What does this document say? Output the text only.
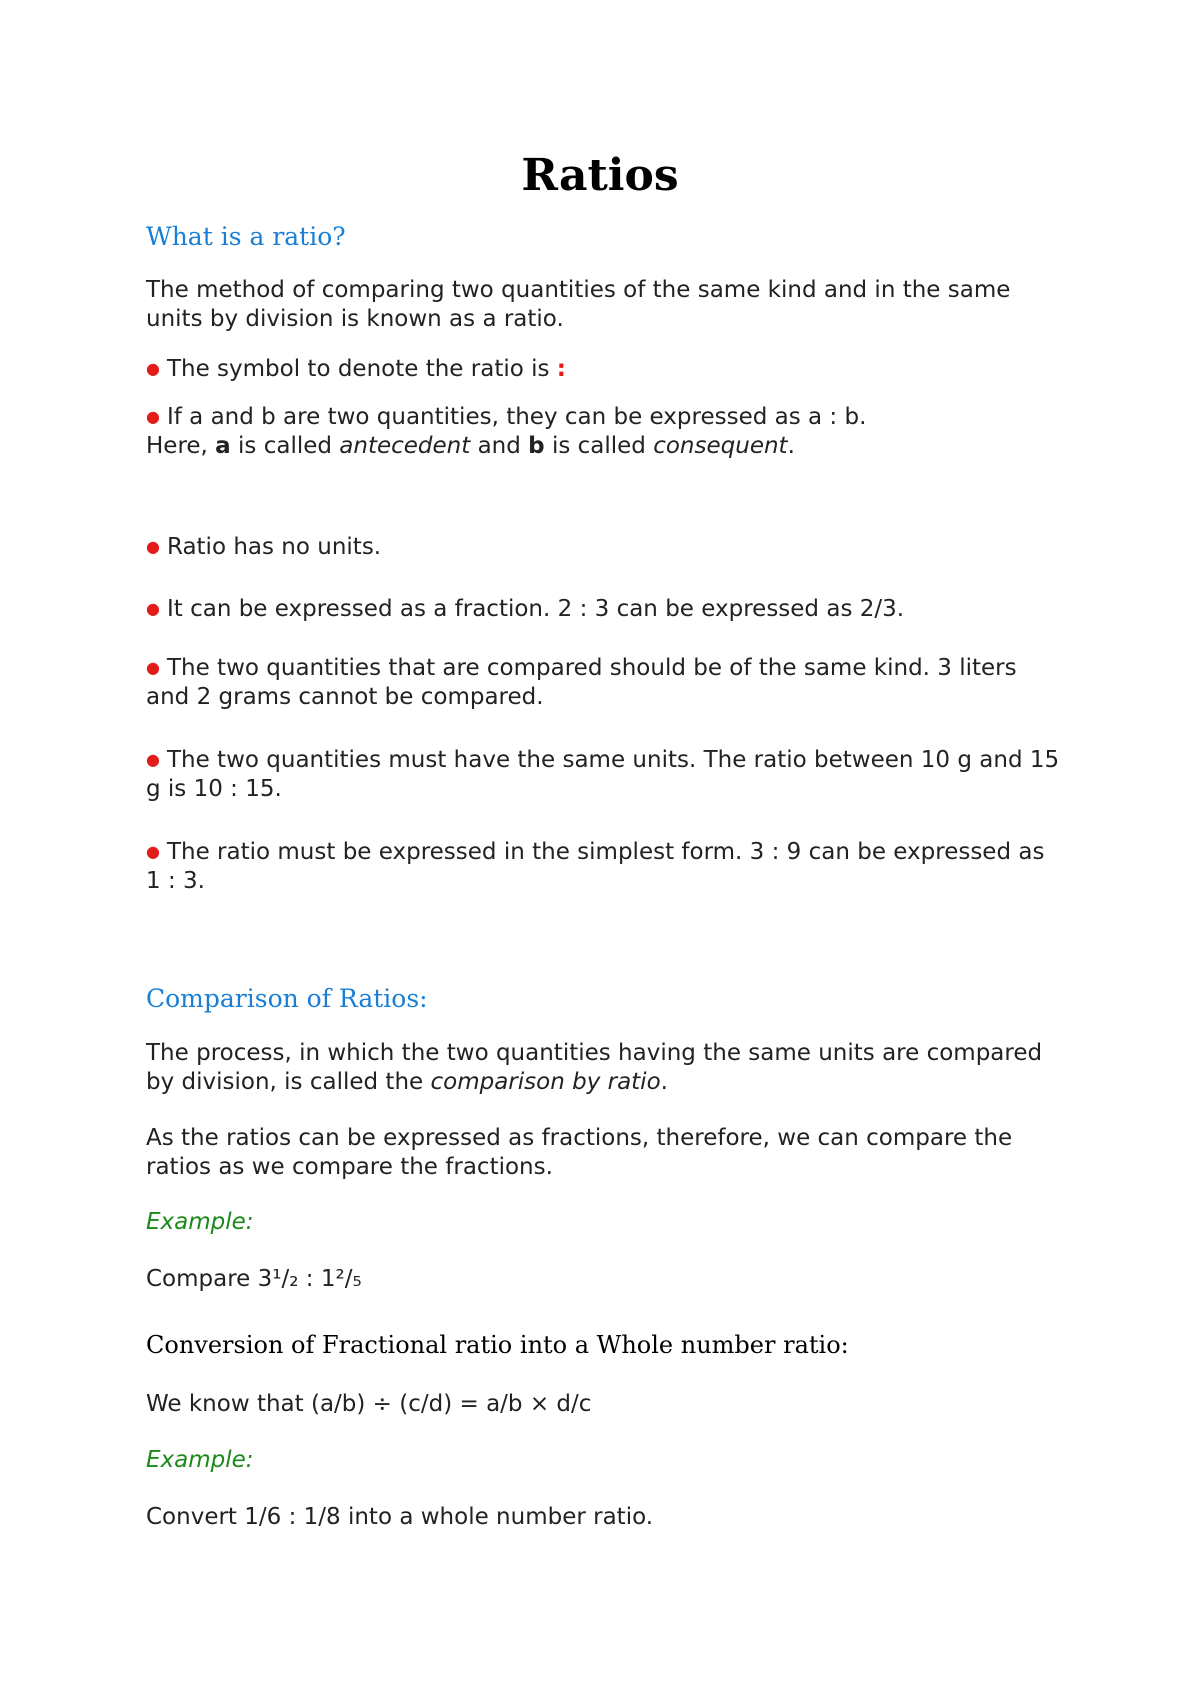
Ratios
What is a ratio?

The method of comparing two quantities of the same kind and in the same units by division is known as a ratio.

● The symbol to denote the ratio is :

● If a and b are two quantities, they can be expressed as a : b.
Here, a is called antecedent and b is called consequent.

● Ratio has no units.

● It can be expressed as a fraction. 2 : 3 can be expressed as 2/3.

● The two quantities that are compared should be of the same kind. 3 liters and 2 grams cannot be compared.

● The two quantities must have the same units. The ratio between 10 g and 15 g is 10 : 15.

● The ratio must be expressed in the simplest form. 3 : 9 can be expressed as 1 : 3.

Comparison of Ratios:

The process, in which the two quantities having the same units are compared by division, is called the comparison by ratio.

As the ratios can be expressed as fractions, therefore, we can compare the ratios as we compare the fractions.

Example:

Compare 3¹/₂ : 1²/₅

Conversion of Fractional ratio into a Whole number ratio:

We know that (a/b) ÷ (c/d) = a/b × d/c

Example:

Convert 1/6 : 1/8 into a whole number ratio.
